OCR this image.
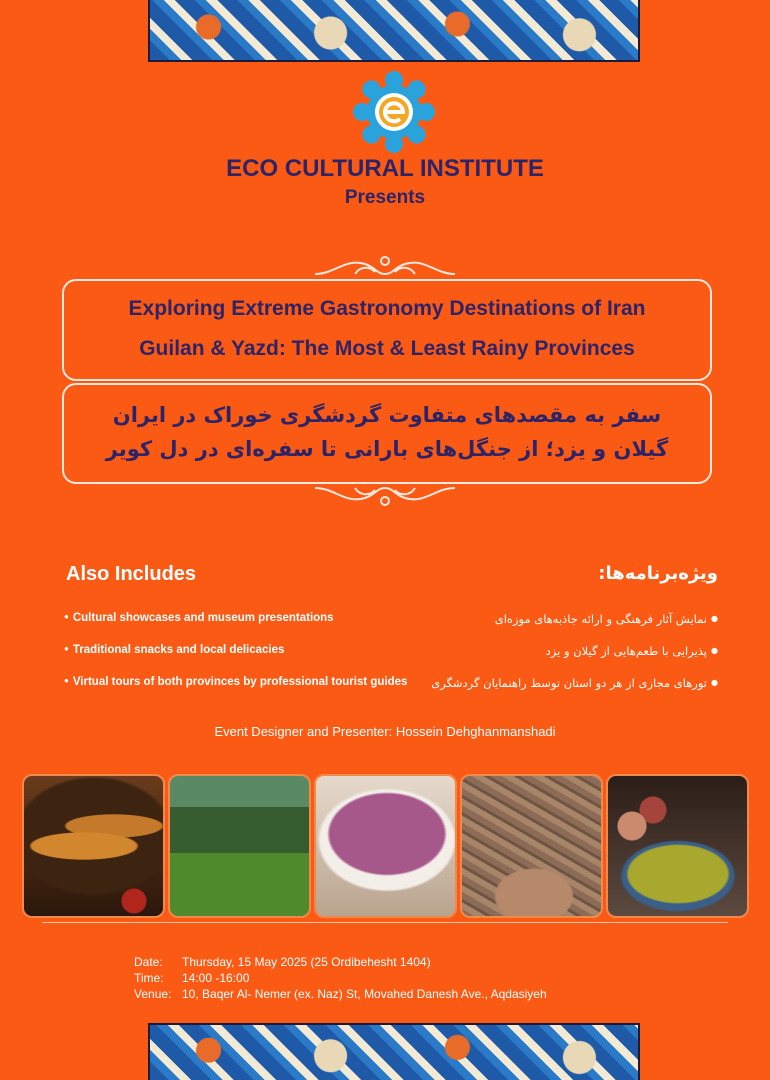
ECO CULTURAL INSTITUTE
Presents
Exploring Extreme Gastronomy Destinations of Iran
Guilan & Yazd: The Most & Least Rainy Provinces
سفر به مقصدهای متفاوت گردشگری خوراک در ایران
گیلان و یزد؛ از جنگل‌های بارانی تا سفره‌ای در دل کویر
Also Includes	ویژه‌برنامه‌ها:
● Cultural showcases and museum presentations
● Traditional snacks and local delicacies
● Virtual tours of both provinces by professional tourist guides
● نمایش آثار فرهنگی و ارائه جاذبه‌های موزه‌ای
● پذیرایی با طعم‌هایی از گیلان و یزد
● تورهای مجازی از هر دو استان توسط راهنمایان گردشگری
Event Designer and Presenter: Hossein Dehghanmanshadi
Date:	Thursday, 15 May 2025 (25 Ordibehesht 1404)
Time:	14:00 -16:00
Venue: 10, Baqer Al- Nemer (ex. Naz) St, Movahed Danesh Ave., Aqdasiyeh
